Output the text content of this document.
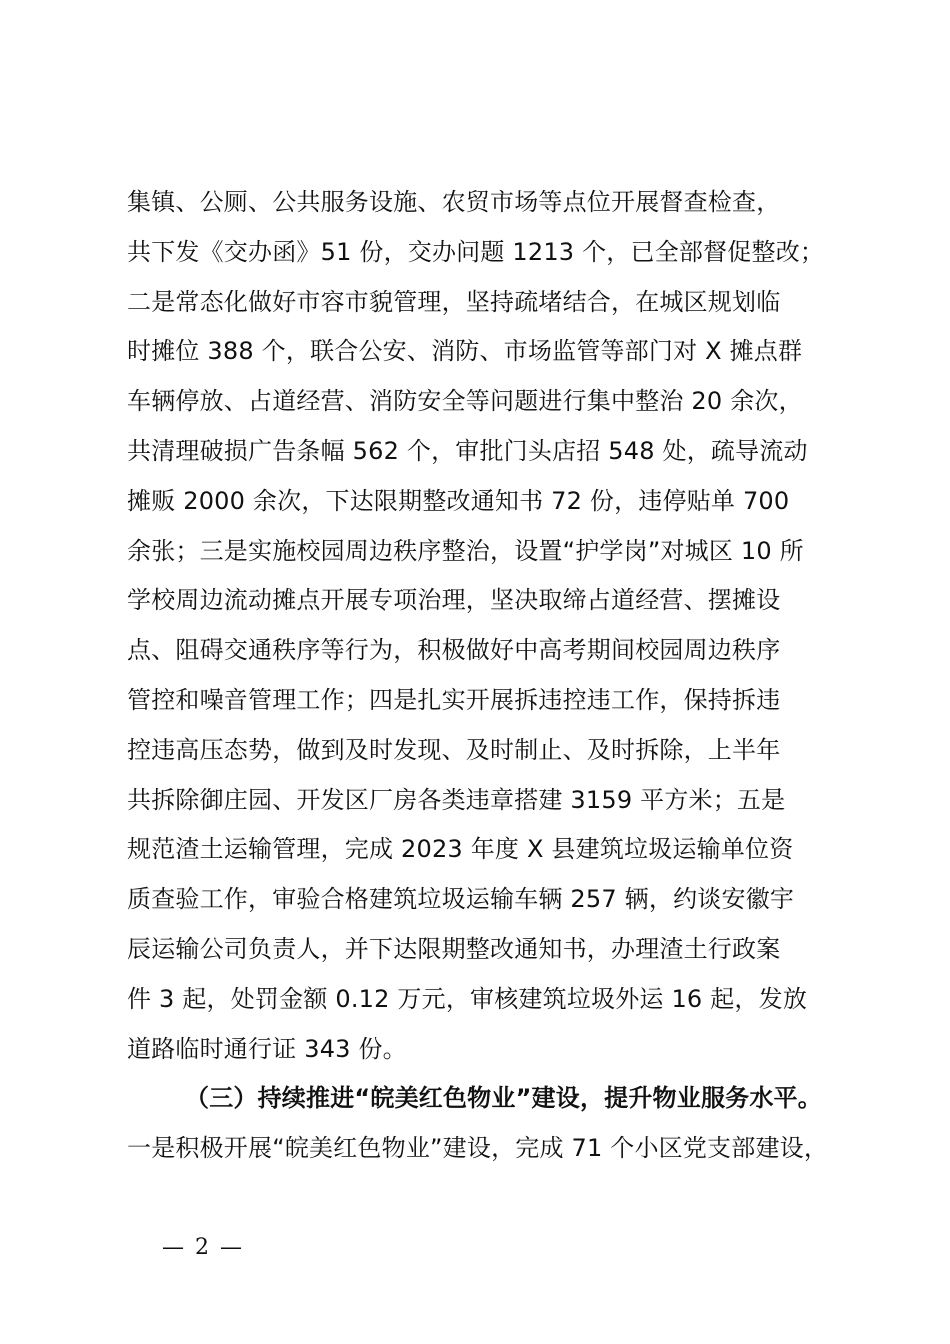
集镇、公厕、公共服务设施、农贸市场等点位开展督查检查，
共下发《交办函》51 份，交办问题 1213 个，已全部督促整改；
二是常态化做好市容市貌管理，坚持疏堵结合，在城区规划临
时摊位 388 个，联合公安、消防、市场监管等部门对 X 摊点群
车辆停放、占道经营、消防安全等问题进行集中整治 20 余次，
共清理破损广告条幅 562 个，审批门头店招 548 处，疏导流动
摊贩 2000 余次，下达限期整改通知书 72 份，违停贴单 700
余张；三是实施校园周边秩序整治，设置“护学岗”对城区 10 所
学校周边流动摊点开展专项治理，坚决取缔占道经营、摆摊设
点、阻碍交通秩序等行为，积极做好中高考期间校园周边秩序
管控和噪音管理工作；四是扎实开展拆违控违工作，保持拆违
控违高压态势，做到及时发现、及时制止、及时拆除，上半年
共拆除御庄园、开发区厂房各类违章搭建 3159 平方米；五是
规范渣土运输管理，完成 2023 年度 X 县建筑垃圾运输单位资
质查验工作，审验合格建筑垃圾运输车辆 257 辆，约谈安徽宇
辰运输公司负责人，并下达限期整改通知书，办理渣土行政案
件 3 起，处罚金额 0.12 万元，审核建筑垃圾外运 16 起，发放
道路临时通行证 343 份。
（三）持续推进“皖美红色物业”建设，提升物业服务水平。
一是积极开展“皖美红色物业”建设，完成 71 个小区党支部建设，
— 2 —
